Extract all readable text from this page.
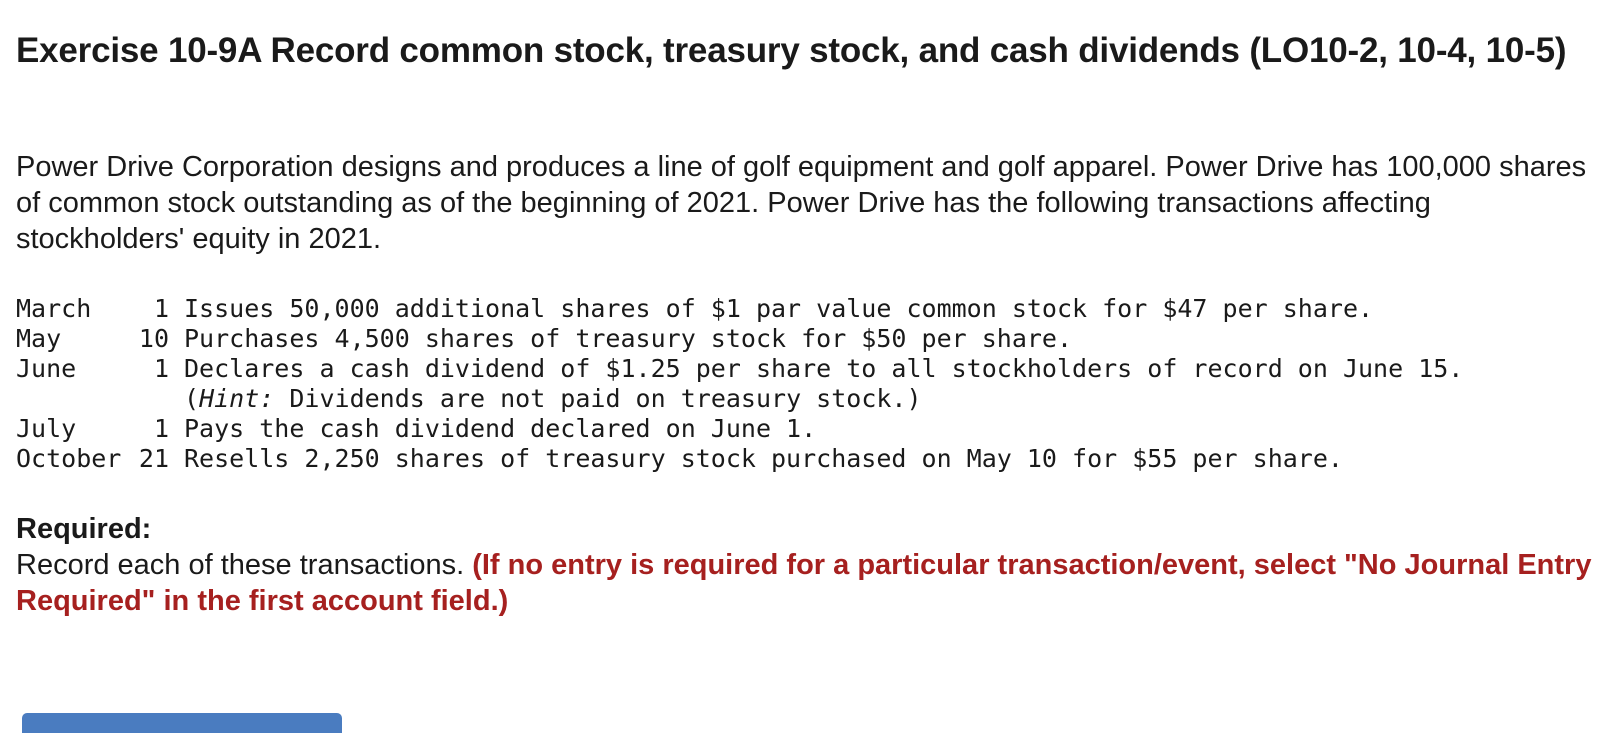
Exercise 10-9A Record common stock, treasury stock, and cash dividends (LO10-2, 10-4, 10-5)

Power Drive Corporation designs and produces a line of golf equipment and golf apparel. Power Drive has 100,000 shares of common stock outstanding as of the beginning of 2021. Power Drive has the following transactions affecting stockholders' equity in 2021.

March	1 Issues 50,000 additional shares of $1 par value common stock for $47 per share.
May	10 Purchases 4,500 shares of treasury stock for $50 per share.
June	1 Declares a cash dividend of $1.25 per share to all stockholders of record on June 15.
( Hint: Dividends are not paid on treasury stock.)
July	1 Pays the cash dividend declared on June 1.
October 21 Resells 2,250 shares of treasury stock purchased on May 10 for $55 per share.
Required:
Record each of these transactions. (If no entry is required for a particular transaction/event, select "No Journal Entry Required" in the first account field.)
